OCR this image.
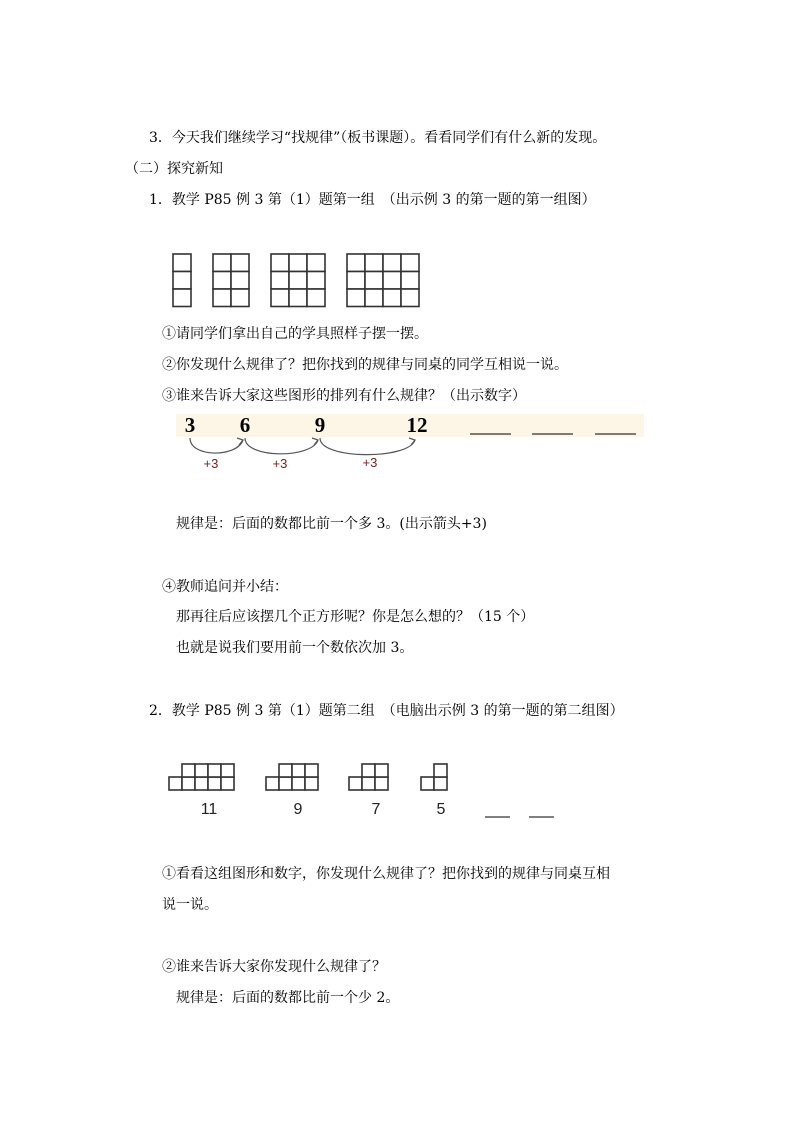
3．今天我们继续学习“找规律”（板书课题）。看看同学们有什么新的发现。
（二）探究新知
1．教学 P85 例 3 第（1）题第一组　（出示例 3 的第一题的第一组图）
①请同学们拿出自己的学具照样子摆一摆。
②你发现什么规律了？把你找到的规律与同桌的同学互相说一说。
③谁来告诉大家这些图形的排列有什么规律？（出示数字）
3 6	9	12
+3	+3	+3
规律是：后面的数都比前一个多 3。(出示箭头+3)
④教师追问并小结：
那再往后应该摆几个正方形呢？你是怎么想的？（15 个）
也就是说我们要用前一个数依次加 3。
2．教学 P85 例 3 第（1）题第二组　（电脑出示例 3 的第一题的第二组图）
11	9	7	5
①看看这组图形和数字，你发现什么规律了？把你找到的规律与同桌互相
说一说。
②谁来告诉大家你发现什么规律了？
规律是：后面的数都比前一个少 2。
